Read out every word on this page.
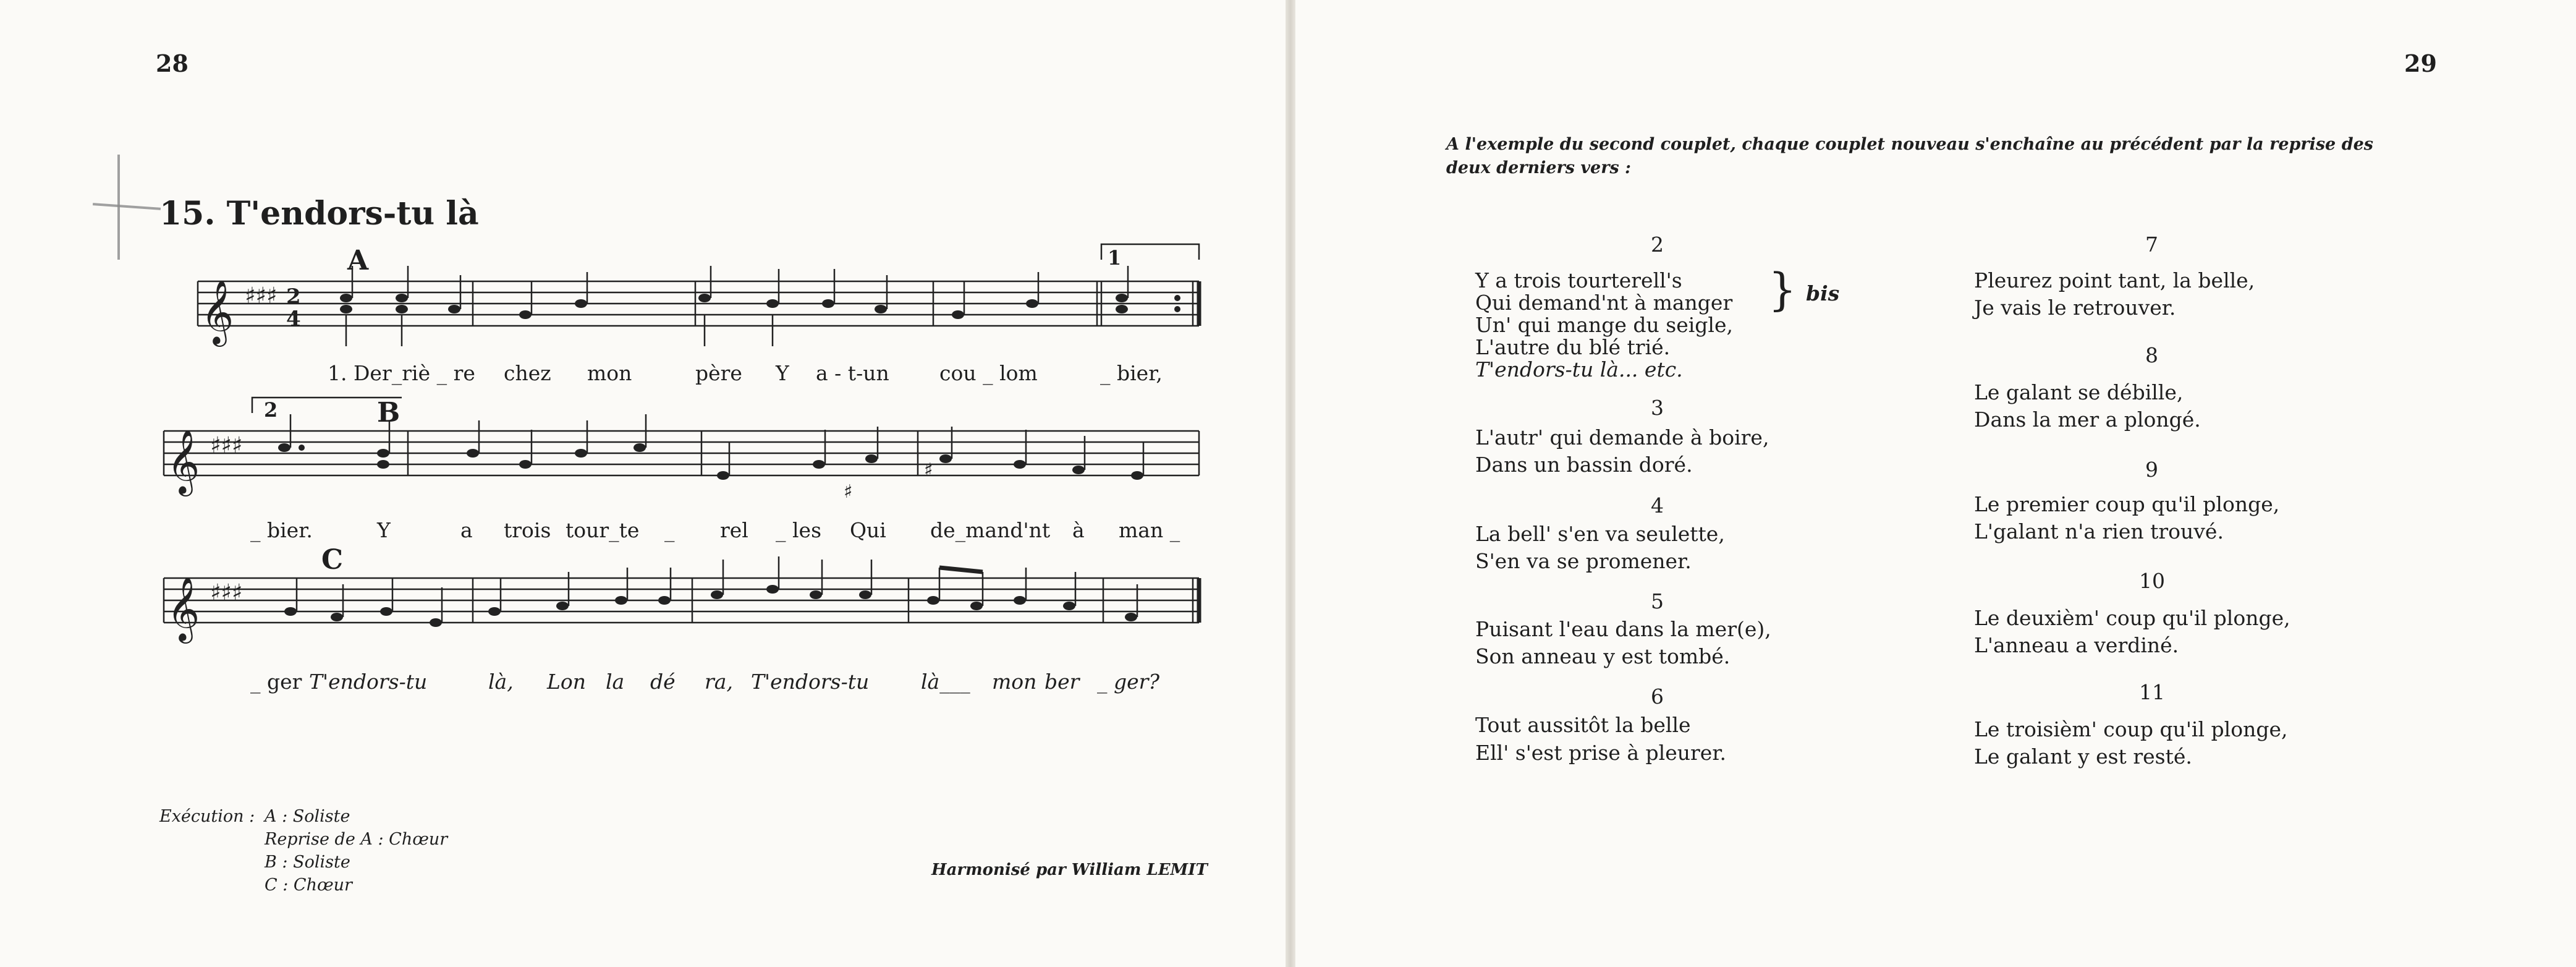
28
15. T'endors-tu là
𝄞 ♯♯♯ 2
4
𝄞 ♯♯♯
♯
♯
𝄞 ♯♯♯
A	1
2	B
C
1. Der_riè _ re chez mon	père Y a - t-un cou _ lom	_ bier,
_ bier.	Y	a trois tour_te _ rel _ les Qui de_mand'nt à man _
_ ger T'endors-tu	là, Lon la dé ra, T'endors-tu	là___ mon ber _ ger?
Exécution : A : Soliste
Reprise de A : Chœur
B : Soliste
C : Chœur
Harmonisé par William LEMIT
29
A l'exemple du second couplet, chaque couplet nouveau s'enchaîne au précédent par la reprise des deux derniers vers :
2
Y a trois tourterell's
Qui demand'nt à manger
Un' qui mange du seigle,
L'autre du blé trié.
T'endors-tu là... etc.
} bis
3
L'autr' qui demande à boire,
Dans un bassin doré.
4
La bell' s'en va seulette,
S'en va se promener.
5
Puisant l'eau dans la mer(e),
Son anneau y est tombé.
6
Tout aussitôt la belle
Ell' s'est prise à pleurer.
7
Pleurez point tant, la belle,
Je vais le retrouver.
8
Le galant se débille,
Dans la mer a plongé.
9
Le premier coup qu'il plonge,
L'galant n'a rien trouvé.
10
Le deuxièm' coup qu'il plonge,
L'anneau a verdiné.
11
Le troisièm' coup qu'il plonge,
Le galant y est resté.
